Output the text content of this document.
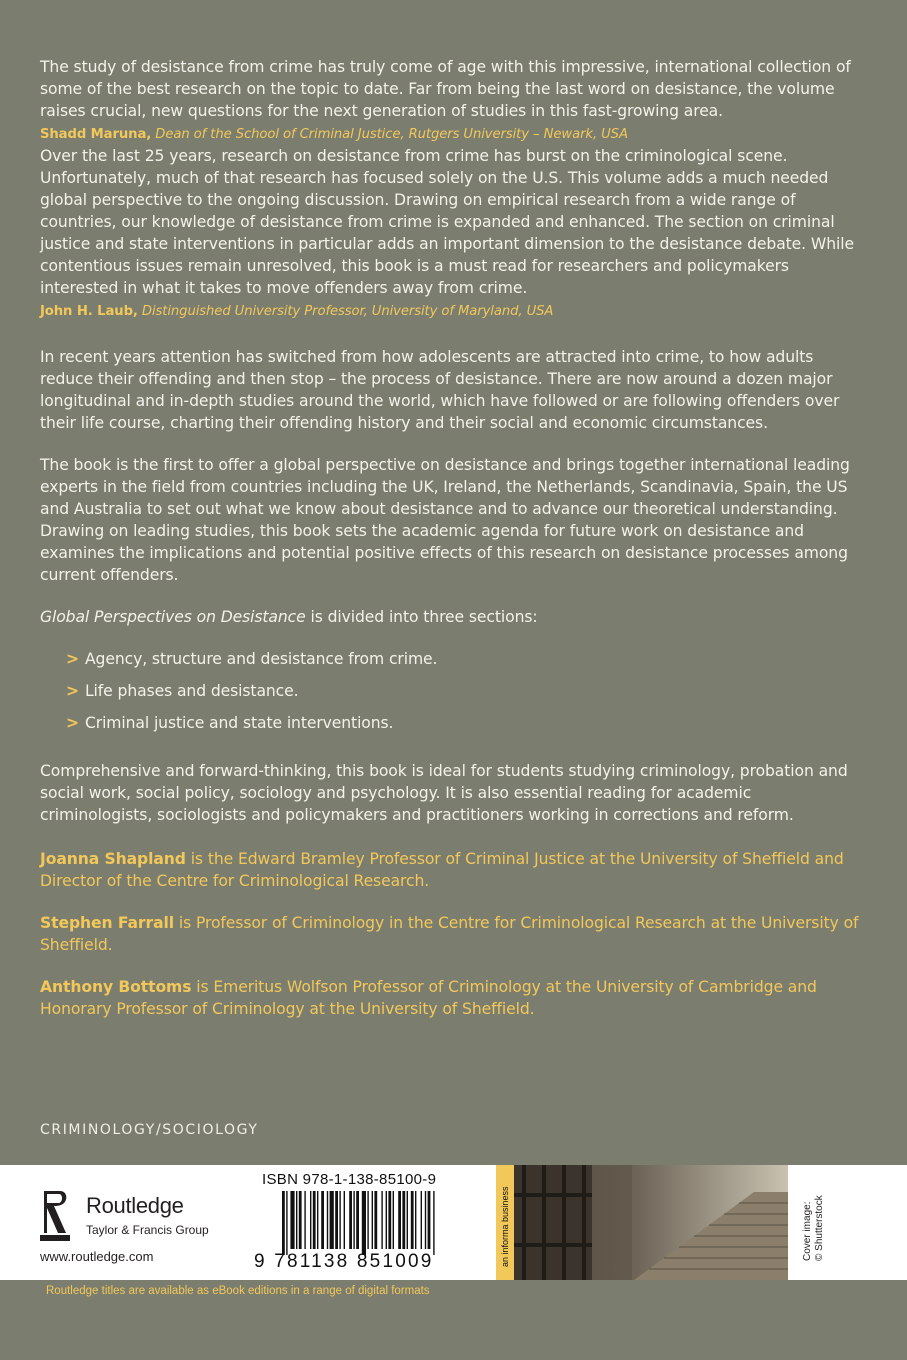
The study of desistance from crime has truly come of age with this impressive, international collection of some of the best research on the topic to date. Far from being the last word on desistance, the volume raises crucial, new questions for the next generation of studies in this fast-growing area.
Shadd Maruna, Dean of the School of Criminal Justice, Rutgers University – Newark, USA

Over the last 25 years, research on desistance from crime has burst on the criminological scene. Unfortunately, much of that research has focused solely on the U.S. This volume adds a much needed global perspective to the ongoing discussion. Drawing on empirical research from a wide range of countries, our knowledge of desistance from crime is expanded and enhanced. The section on criminal justice and state interventions in particular adds an important dimension to the desistance debate. While contentious issues remain unresolved, this book is a must read for researchers and policymakers interested in what it takes to move offenders away from crime.
John H. Laub, Distinguished University Professor, University of Maryland, USA

In recent years attention has switched from how adolescents are attracted into crime, to how adults reduce their offending and then stop – the process of desistance. There are now around a dozen major longitudinal and in-depth studies around the world, which have followed or are following offenders over their life course, charting their offending history and their social and economic circumstances.

The book is the first to offer a global perspective on desistance and brings together international leading experts in the field from countries including the UK, Ireland, the Netherlands, Scandinavia, Spain, the US and Australia to set out what we know about desistance and to advance our theoretical understanding. Drawing on leading studies, this book sets the academic agenda for future work on desistance and examines the implications and potential positive effects of this research on desistance processes among current offenders.

Global Perspectives on Desistance is divided into three sections:

> Agency, structure and desistance from crime.
> Life phases and desistance.
> Criminal justice and state interventions.

Comprehensive and forward-thinking, this book is ideal for students studying criminology, probation and social work, social policy, sociology and psychology. It is also essential reading for academic criminologists, sociologists and policymakers and practitioners working in corrections and reform.

Joanna Shapland is the Edward Bramley Professor of Criminal Justice at the University of Sheffield and Director of the Centre for Criminological Research.

Stephen Farrall is Professor of Criminology in the Centre for Criminological Research at the University of Sheffield.

Anthony Bottoms is Emeritus Wolfson Professor of Criminology at the University of Cambridge and Honorary Professor of Criminology at the University of Sheffield.

CRIMINOLOGY/SOCIOLOGY
ROUTLEDGE Routledge
Taylor & Francis Group
www.routledge.com
ISBN 978-1-138-85100-9
9 781138 851009	an informa business	Cover image:
© Shutterstock
Routledge titles are available as eBook editions in a range of digital formats
